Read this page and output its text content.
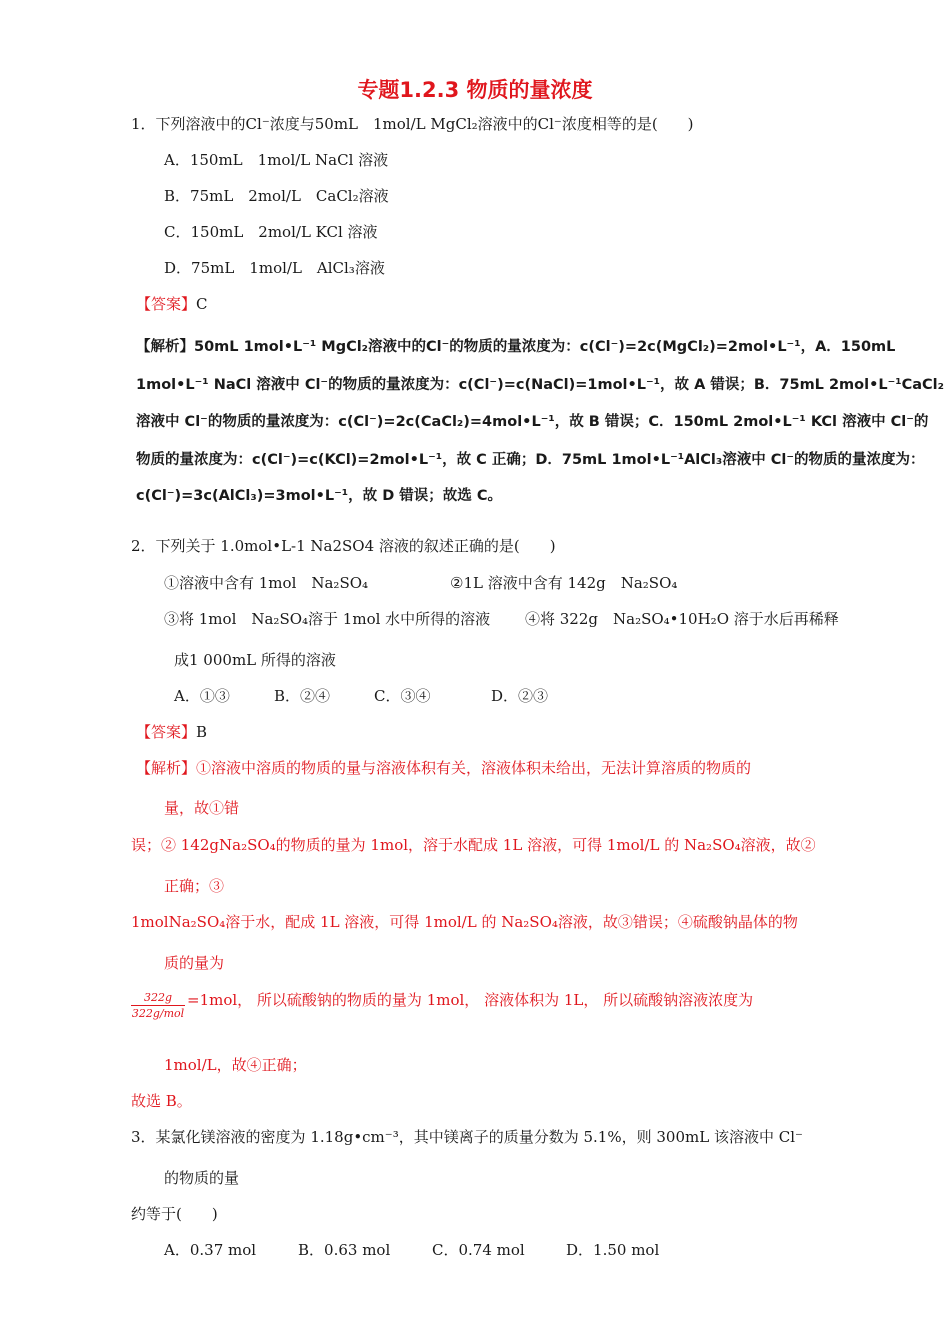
专题1.2.3 物质的量浓度
1．下列溶液中的Cl⁻浓度与50mL　1mol/L MgCl₂溶液中的Cl⁻浓度相等的是(　　)
A．150mL　1mol/L NaCl 溶液
B．75mL　2mol/L　CaCl₂溶液
C．150mL　2mol/L KCl 溶液
D．75mL　1mol/L　AlCl₃溶液
【答案】C
【解析】50mL 1mol•L⁻¹ MgCl₂溶液中的Cl⁻的物质的量浓度为：c(Cl⁻)=2c(MgCl₂)=2mol•L⁻¹，A．150mL
1mol•L⁻¹ NaCl 溶液中 Cl⁻的物质的量浓度为：c(Cl⁻)=c(NaCl)=1mol•L⁻¹，故 A 错误；B．75mL 2mol•L⁻¹CaCl₂
溶液中 Cl⁻的物质的量浓度为：c(Cl⁻)=2c(CaCl₂)=4mol•L⁻¹，故 B 错误；C．150mL 2mol•L⁻¹ KCl 溶液中 Cl⁻的
物质的量浓度为：c(Cl⁻)=c(KCl)=2mol•L⁻¹，故 C 正确；D．75mL 1mol•L⁻¹AlCl₃溶液中 Cl⁻的物质的量浓度为：
c(Cl⁻)=3c(AlCl₃)=3mol•L⁻¹，故 D 错误；故选 C。
2．下列关于 1.0mol•L-1 Na2SO4 溶液的叙述正确的是(　　)
①溶液中含有 1mol　Na₂SO₄	②1L 溶液中含有 142g　Na₂SO₄
③将 1mol　Na₂SO₄溶于 1mol 水中所得的溶液 ④将 322g　Na₂SO₄•10H₂O 溶于水后再稀释
成1 000mL 所得的溶液
A．①③	B．②④	C．③④	D．②③
【答案】B
【解析】①溶液中溶质的物质的量与溶液体积有关，溶液体积未给出，无法计算溶质的物质的
量，故①错
误；② 142gNa₂SO₄的物质的量为 1mol，溶于水配成 1L 溶液，可得 1mol/L 的 Na₂SO₄溶液，故②
正确；③
1molNa₂SO₄溶于水，配成 1L 溶液，可得 1mol/L 的 Na₂SO₄溶液，故③错误；④硫酸钠晶体的物
质的量为
322g
322g/mol
=1mol， 所以硫酸钠的物质的量为 1mol， 溶液体积为 1L， 所以硫酸钠溶液浓度为
1mol/L，故④正确；
故选 B。
3．某氯化镁溶液的密度为 1.18g•cm⁻³，其中镁离子的质量分数为 5.1%，则 300mL 该溶液中 Cl⁻
的物质的量
约等于(　　)
A．0.37 mol	B．0.63 mol	C．0.74 mol	D．1.50 mol
